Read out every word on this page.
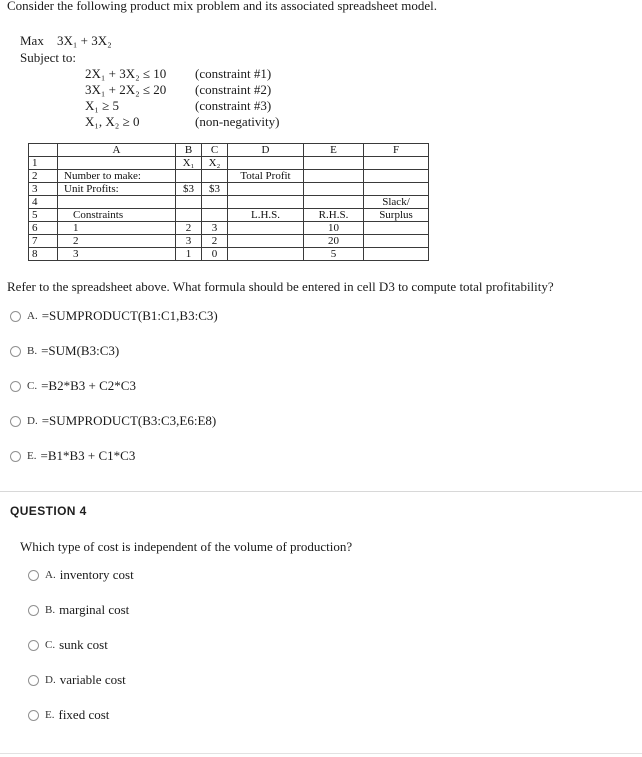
Consider the following product mix problem and its associated spreadsheet model.

Max 3X₁ + 3X₂
Subject to:
2X₁ + 3X₂ ≤ 10	(constraint #1)
3X₁ + 2X₂ ≤ 20	(constraint #2)
X₁ ≥ 5	(constraint #3)
X₁, X₂ ≥ 0	(non-negativity)
	A	B	C	D	E	F
1		X₁	X₂			
2	Number to make:			Total Profit		
3	Unit Profits:	$3	$3			
4						Slack/
5	Constraints			L.H.S.	R.H.S.	Surplus
6	1	2	3		10	
7	2	3	2		20	
8	3	1	0		5	

Refer to the spreadsheet above. What formula should be entered in cell D3 to compute total profitability?

A. =SUMPRODUCT(B1:C1,B3:C3)
B. =SUM(B3:C3)
C. =B2*B3 + C2*C3
D. =SUMPRODUCT(B3:C3,E6:E8)
E. =B1*B3 + C1*C3
QUESTION 4

Which type of cost is independent of the volume of production?

A. inventory cost
B. marginal cost
C. sunk cost
D. variable cost
E. fixed cost
